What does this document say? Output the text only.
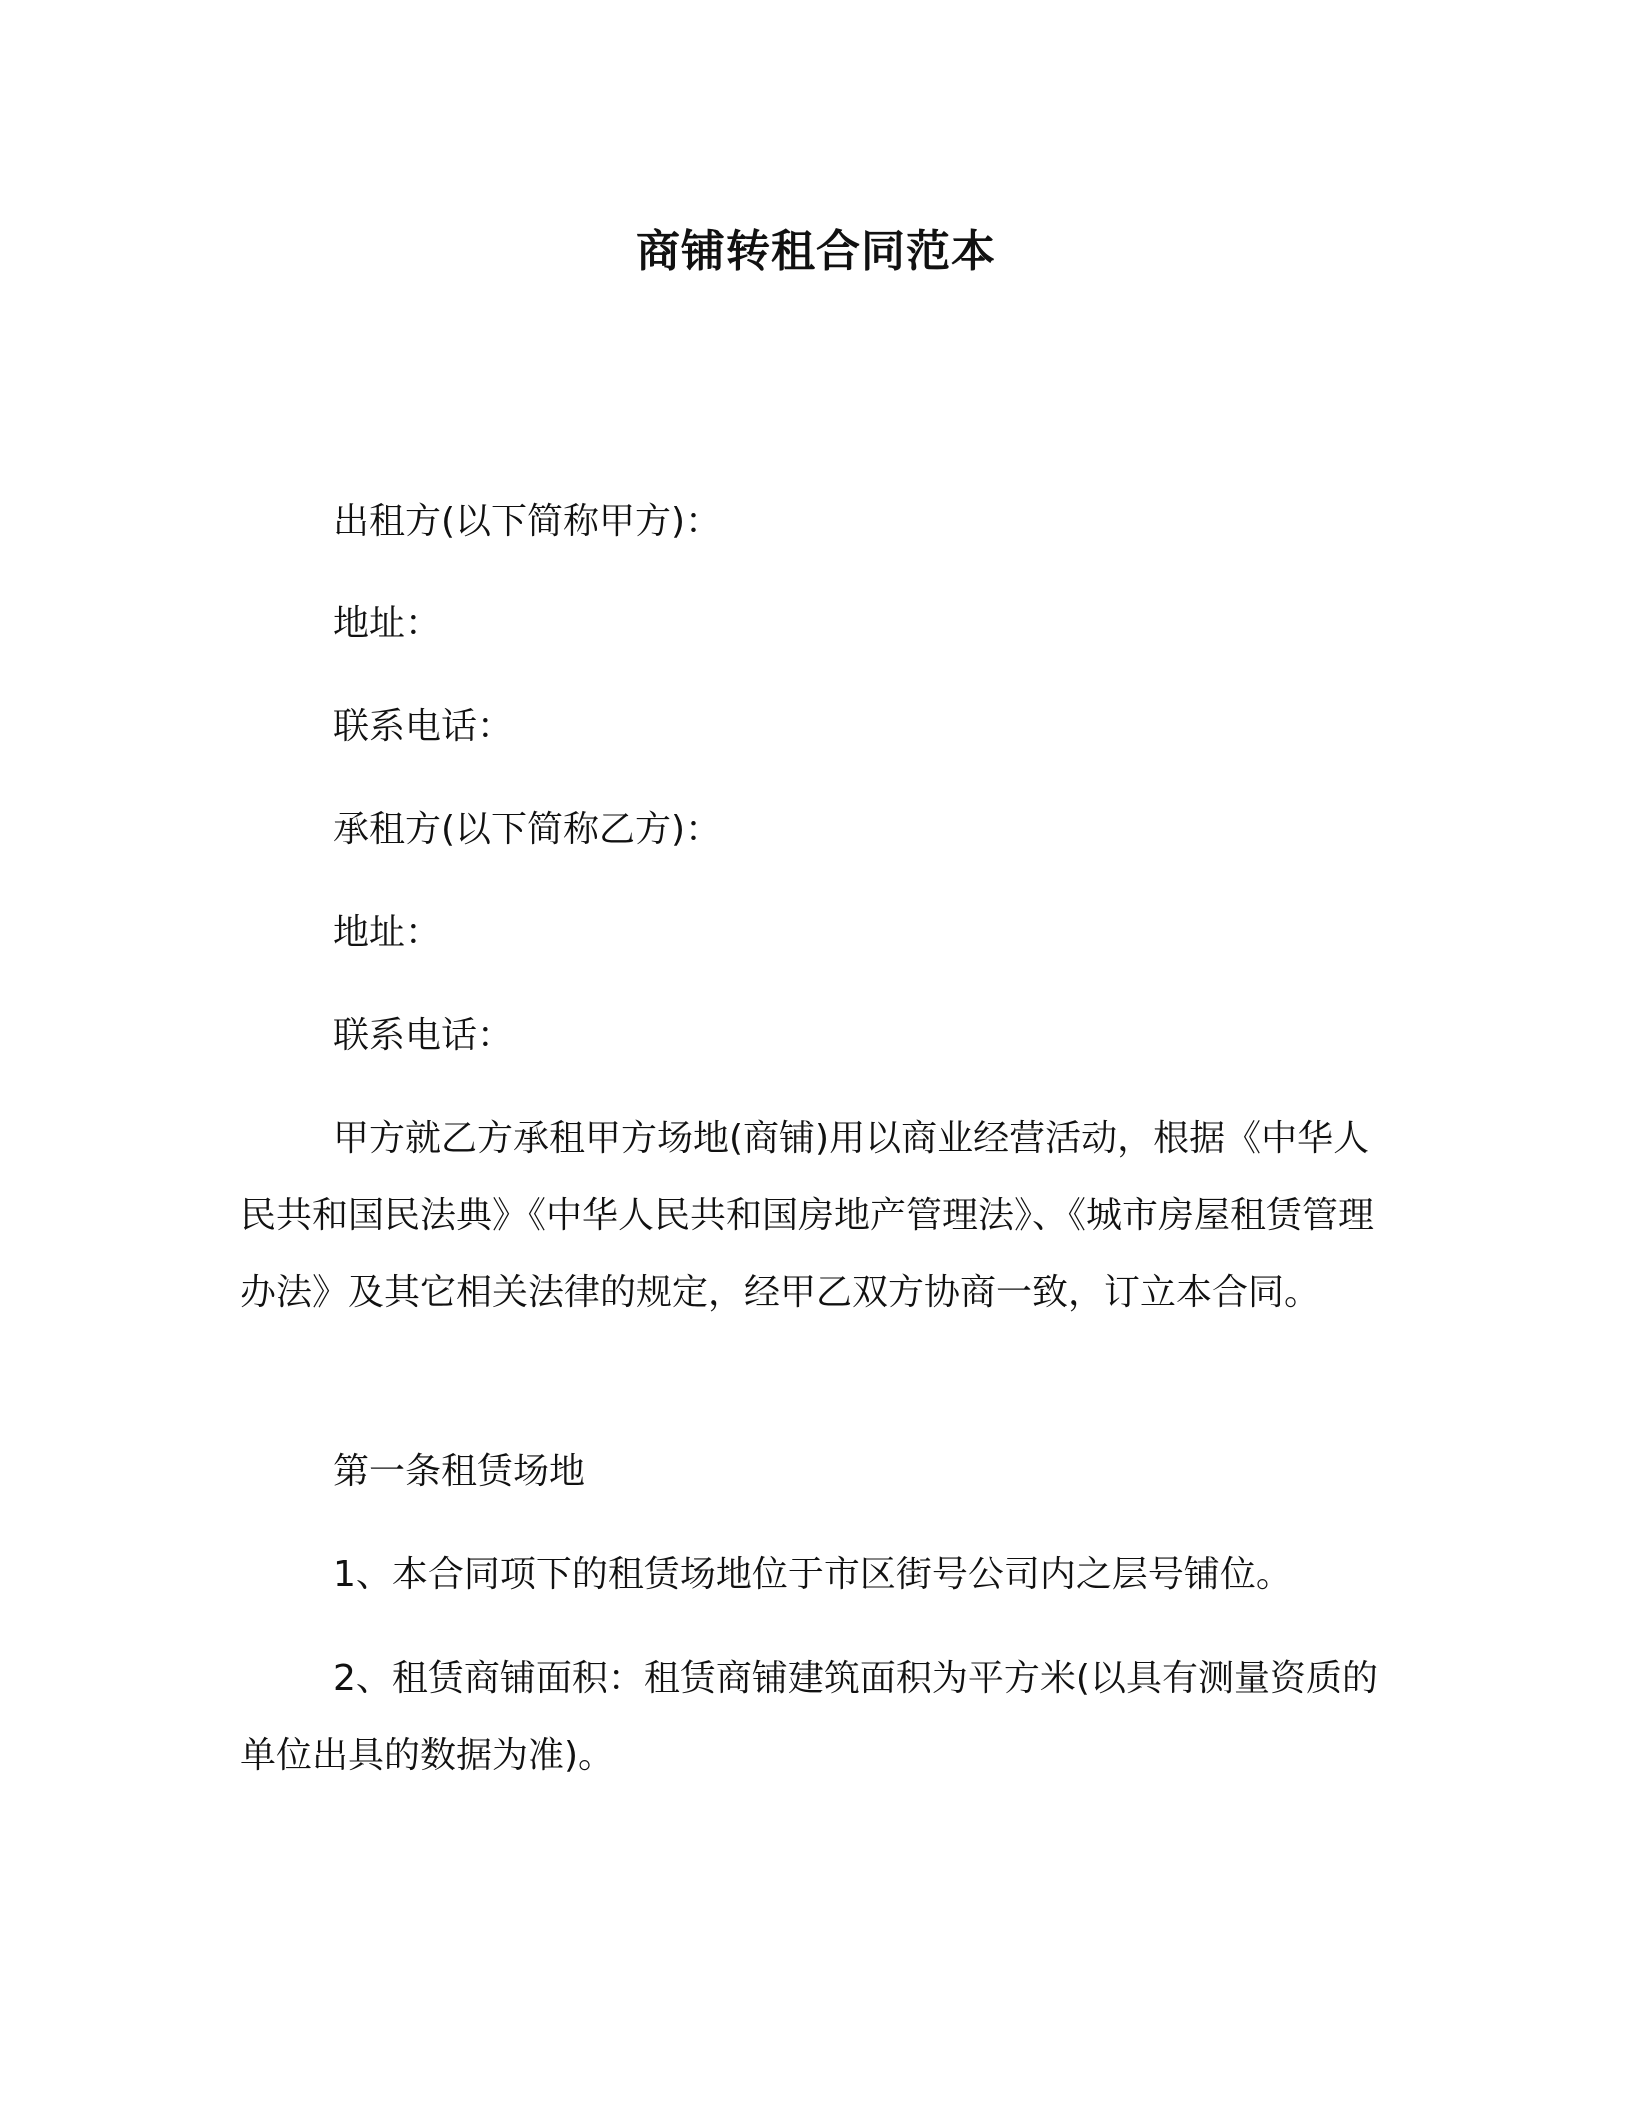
商铺转租合同范本
出租方(以下简称甲方)：
地址：
联系电话：
承租方(以下简称乙方)：
地址：
联系电话：
甲方就乙方承租甲方场地(商铺)用以商业经营活动，根据《中华人民共和国民法典》《中华人民共和国房地产管理法》、《城市房屋租赁管理办法》及其它相关法律的规定，经甲乙双方协商一致，订立本合同。
第一条租赁场地
1、本合同项下的租赁场地位于市区街号公司内之层号铺位。
2、租赁商铺面积：租赁商铺建筑面积为平方米(以具有测量资质的单位出具的数据为准)。
